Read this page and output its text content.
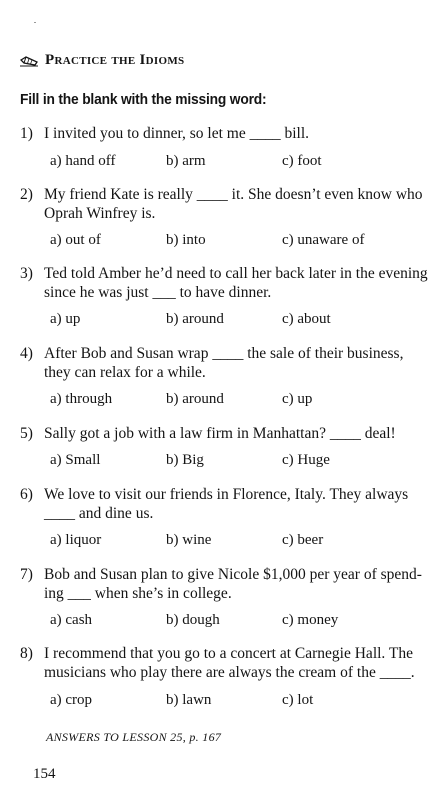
Practice the Idioms
Fill in the blank with the missing word:
1) I invited you to dinner, so let me ____ bill.
a) hand off	b) arm	c) foot
2) My friend Kate is really ____ it. She doesn’t even know who
Oprah Winfrey is.
a) out of	b) into	c) unaware of
3) Ted told Amber he’d need to call her back later in the evening
since he was just ___ to have dinner.
a) up	b) around	c) about
4) After Bob and Susan wrap ____ the sale of their business,
they can relax for a while.
a) through	b) around	c) up
5) Sally got a job with a law firm in Manhattan? ____ deal!
a) Small	b) Big	c) Huge
6) We love to visit our friends in Florence, Italy. They always
____ and dine us.
a) liquor	b) wine	c) beer
7) Bob and Susan plan to give Nicole $1,000 per year of spend-
ing ___ when she’s in college.
a) cash	b) dough	c) money
8) I recommend that you go to a concert at Carnegie Hall. The
musicians who play there are always the cream of the ____.
a) crop	b) lawn	c) lot
ANSWERS TO LESSON 25, p. 167
154
